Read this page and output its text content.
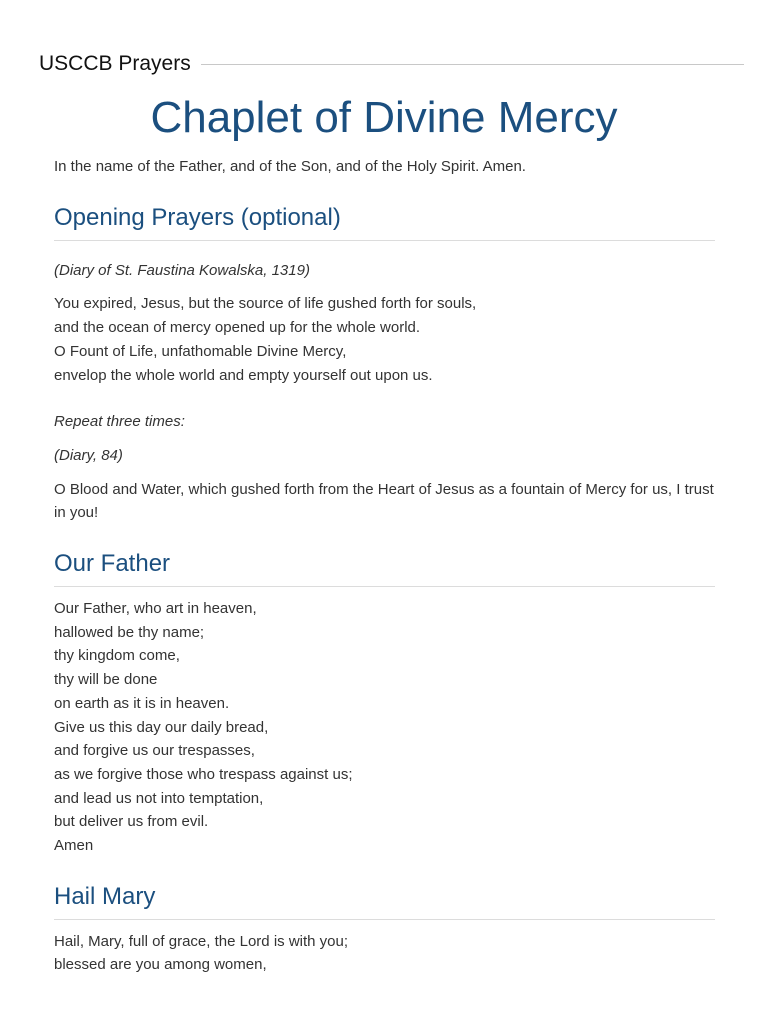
USCCB Prayers
Chaplet of Divine Mercy

In the name of the Father, and of the Son, and of the Holy Spirit. Amen.

Opening Prayers (optional)

(Diary of St. Faustina Kowalska, 1319)

You expired, Jesus, but the source of life gushed forth for souls,
and the ocean of mercy opened up for the whole world.
O Fount of Life, unfathomable Divine Mercy,
envelop the whole world and empty yourself out upon us.

Repeat three times:

(Diary, 84)

O Blood and Water, which gushed forth from the Heart of Jesus as a fountain of Mercy for us, I trust in you!

Our Father

Our Father, who art in heaven,
hallowed be thy name;
thy kingdom come,
thy will be done
on earth as it is in heaven.
Give us this day our daily bread,
and forgive us our trespasses,
as we forgive those who trespass against us;
and lead us not into temptation,
but deliver us from evil.
Amen

Hail Mary

Hail, Mary, full of grace, the Lord is with you;
blessed are you among women,
